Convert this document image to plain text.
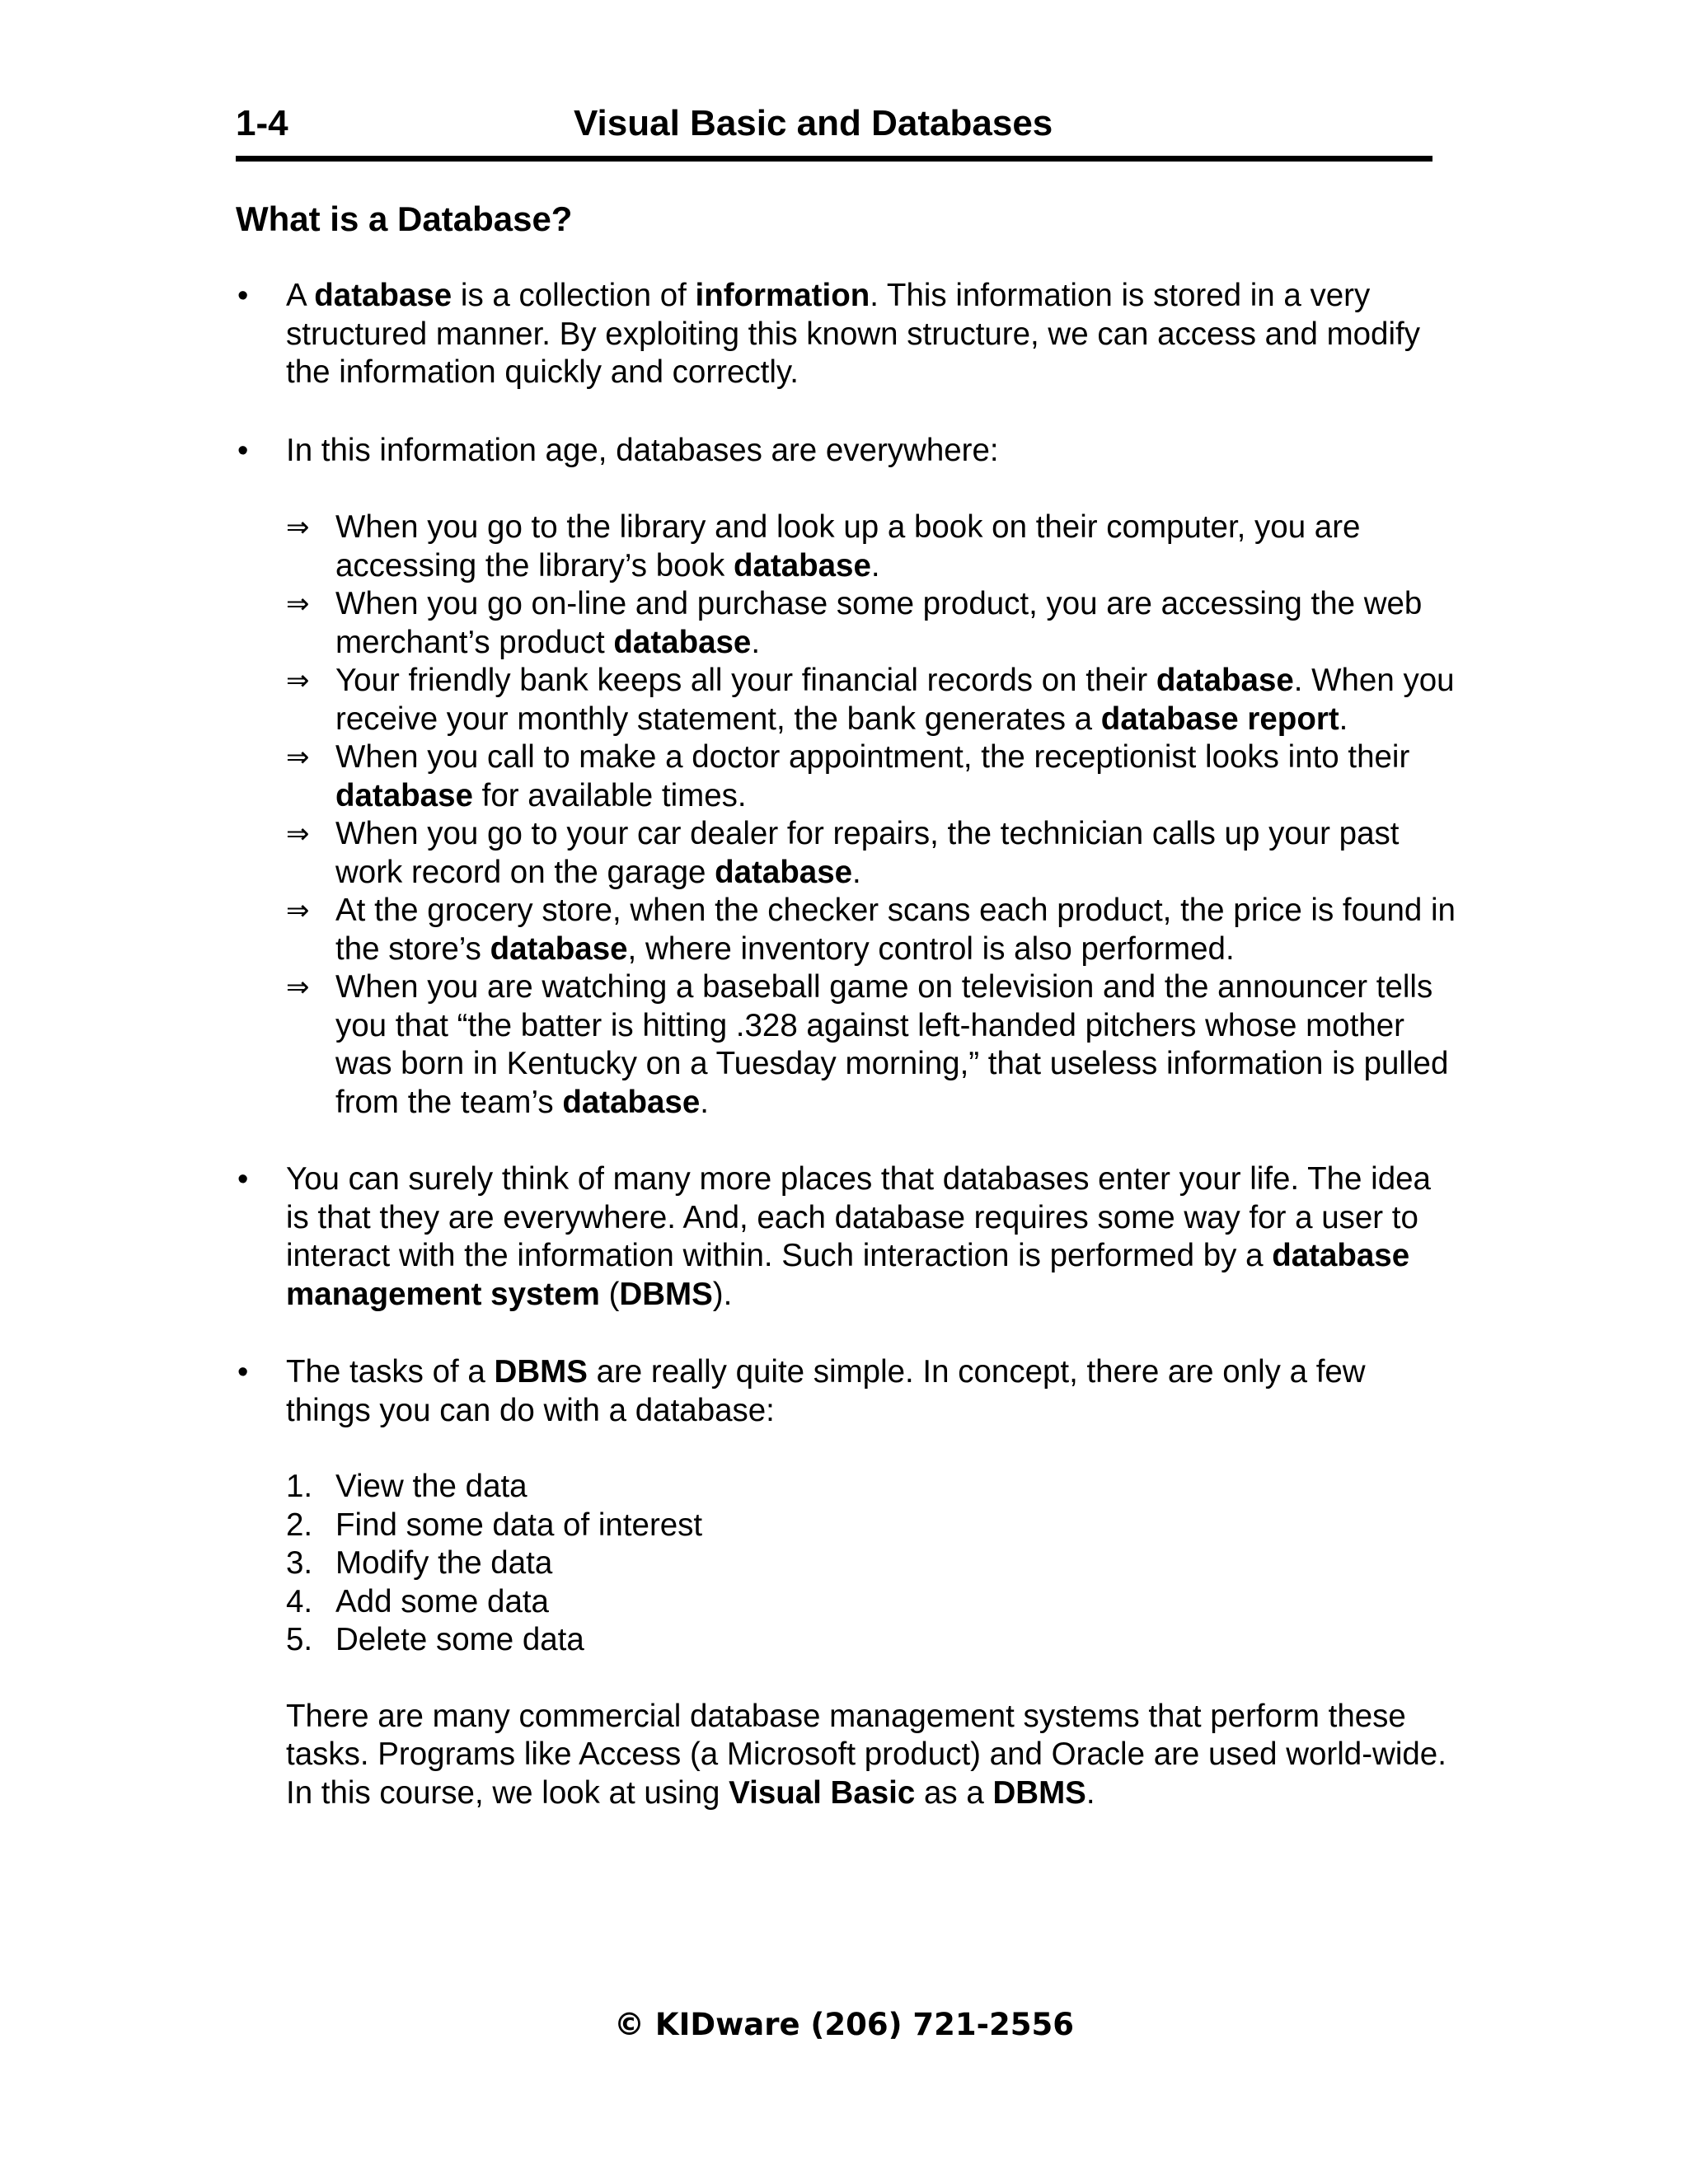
1-4	Visual Basic and Databases
What is a Database?
• A database is a collection of information. This information is stored in a very structured manner. By exploiting this known structure, we can access and modify the information quickly and correctly.
• In this information age, databases are everywhere:
⇒ When you go to the library and look up a book on their computer, you are accessing the library’s book database.
⇒ When you go on-line and purchase some product, you are accessing the web merchant’s product database.
⇒ Your friendly bank keeps all your financial records on their database. When you receive your monthly statement, the bank generates a database report.
⇒ When you call to make a doctor appointment, the receptionist looks into their database for available times.
⇒ When you go to your car dealer for repairs, the technician calls up your past work record on the garage database.
⇒ At the grocery store, when the checker scans each product, the price is found in the store’s database, where inventory control is also performed.
⇒ When you are watching a baseball game on television and the announcer tells you that “the batter is hitting .328 against left-handed pitchers whose mother was born in Kentucky on a Tuesday morning,” that useless information is pulled from the team’s database.
• You can surely think of many more places that databases enter your life. The idea is that they are everywhere. And, each database requires some way for a user to interact with the information within. Such interaction is performed by a database management system (DBMS).
• The tasks of a DBMS are really quite simple. In concept, there are only a few things you can do with a database:
1. View the data
2. Find some data of interest
3. Modify the data
4. Add some data
5. Delete some data
There are many commercial database management systems that perform these tasks. Programs like Access (a Microsoft product) and Oracle are used world-wide. In this course, we look at using Visual Basic as a DBMS.
© KIDware (206) 721-2556
